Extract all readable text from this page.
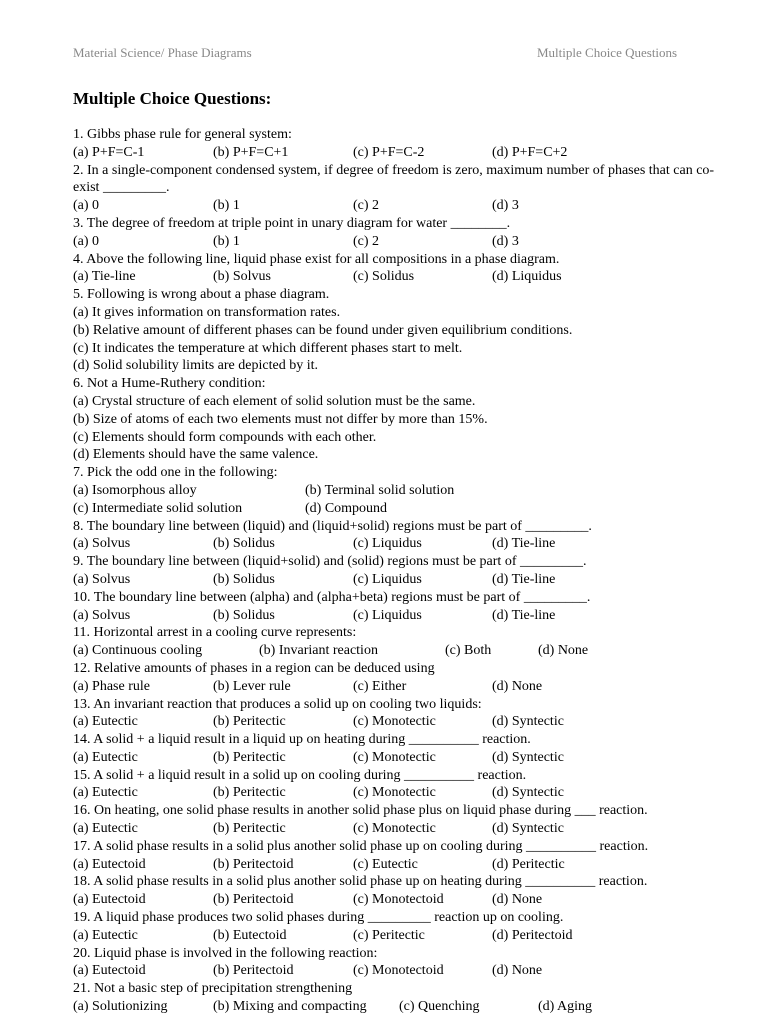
Material Science/ Phase Diagrams	Multiple Choice Questions
Multiple Choice Questions:
1. Gibbs phase rule for general system:
(a) P+F=C-1	(b) P+F=C+1	(c) P+F=C-2	(d) P+F=C+2
2. In a single-component condensed system, if degree of freedom is zero, maximum number of phases that can co-exist _________.
(a) 0	(b) 1	(c) 2	(d) 3
3. The degree of freedom at triple point in unary diagram for water ________.
(a) 0	(b) 1	(c) 2	(d) 3
4. Above the following line, liquid phase exist for all compositions in a phase diagram.
(a) Tie-line	(b) Solvus	(c) Solidus	(d) Liquidus
5. Following is wrong about a phase diagram.
(a) It gives information on transformation rates.
(b) Relative amount of different phases can be found under given equilibrium conditions.
(c) It indicates the temperature at which different phases start to melt.
(d) Solid solubility limits are depicted by it.
6. Not a Hume-Ruthery condition:
(a) Crystal structure of each element of solid solution must be the same.
(b) Size of atoms of each two elements must not differ by more than 15%.
(c) Elements should form compounds with each other.
(d) Elements should have the same valence.
7. Pick the odd one in the following:
(a) Isomorphous alloy	(b) Terminal solid solution
(c) Intermediate solid solution	(d) Compound
8. The boundary line between (liquid) and (liquid+solid) regions must be part of _________.
(a) Solvus	(b) Solidus	(c) Liquidus	(d) Tie-line
9. The boundary line between (liquid+solid) and (solid) regions must be part of _________.
(a) Solvus	(b) Solidus	(c) Liquidus	(d) Tie-line
10. The boundary line between (alpha) and (alpha+beta) regions must be part of _________.
(a) Solvus	(b) Solidus	(c) Liquidus	(d) Tie-line
11. Horizontal arrest in a cooling curve represents:
(a) Continuous cooling	(b) Invariant reaction	(c) Both	(d) None
12. Relative amounts of phases in a region can be deduced using
(a) Phase rule	(b) Lever rule	(c) Either	(d) None
13. An invariant reaction that produces a solid up on cooling two liquids:
(a) Eutectic	(b) Peritectic	(c) Monotectic	(d) Syntectic
14. A solid + a liquid result in a liquid up on heating during __________ reaction.
(a) Eutectic	(b) Peritectic	(c) Monotectic	(d) Syntectic
15. A solid + a liquid result in a solid up on cooling during __________ reaction.
(a) Eutectic	(b) Peritectic	(c) Monotectic	(d) Syntectic
16. On heating, one solid phase results in another solid phase plus on liquid phase during ___ reaction.
(a) Eutectic	(b) Peritectic	(c) Monotectic	(d) Syntectic
17. A solid phase results in a solid plus another solid phase up on cooling during __________ reaction.
(a) Eutectoid	(b) Peritectoid	(c) Eutectic	(d) Peritectic
18. A solid phase results in a solid plus another solid phase up on heating during __________ reaction.
(a) Eutectoid	(b) Peritectoid	(c) Monotectoid	(d) None
19. A liquid phase produces two solid phases during _________ reaction up on cooling.
(a) Eutectic	(b) Eutectoid	(c) Peritectic	(d) Peritectoid
20. Liquid phase is involved in the following reaction:
(a) Eutectoid	(b) Peritectoid	(c) Monotectoid	(d) None
21. Not a basic step of precipitation strengthening
(a) Solutionizing	(b) Mixing and compacting (c) Quenching	(d) Aging
